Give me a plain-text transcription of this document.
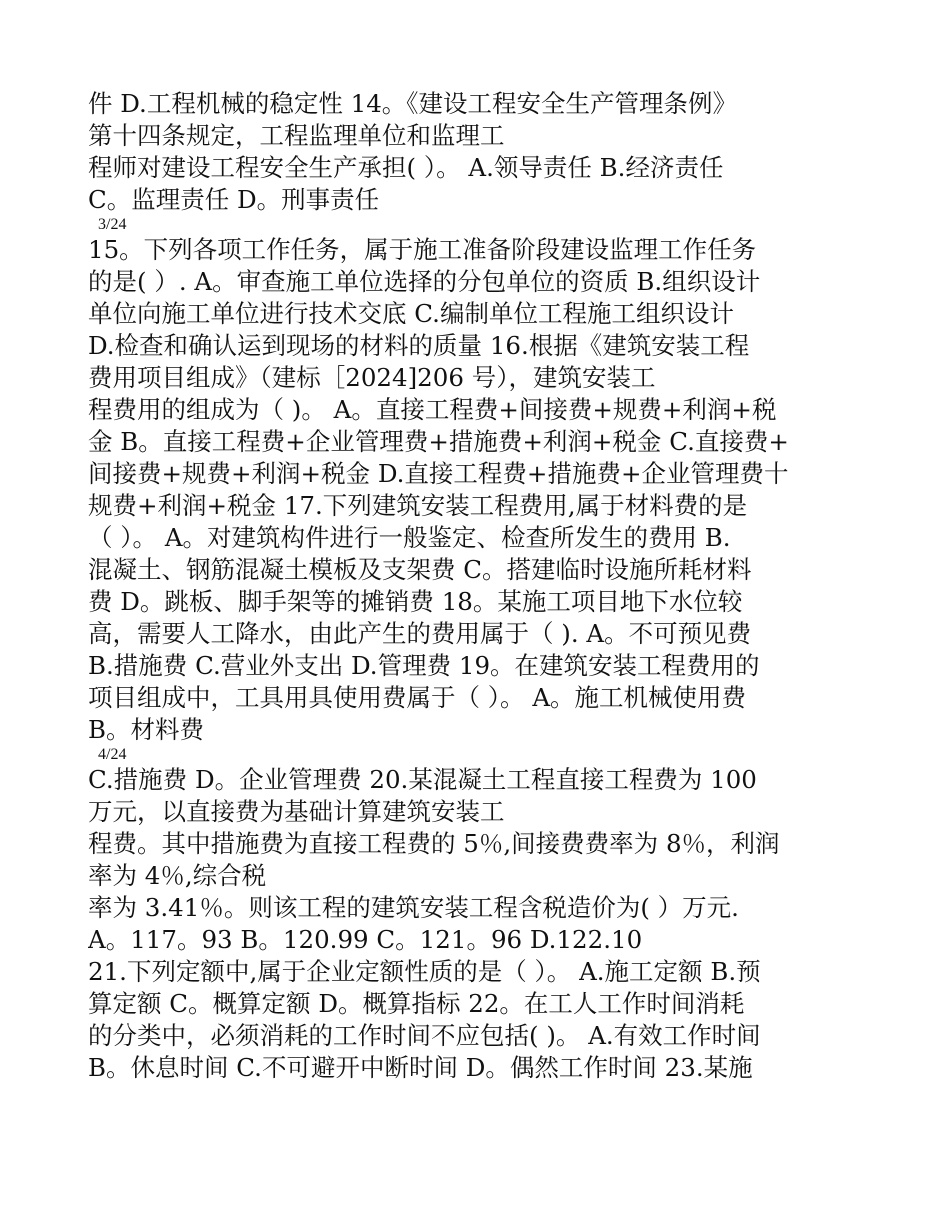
件 D.工程机械的稳定性 14。《建设工程安全生产管理条例》
第十四条规定，工程监理单位和监理工
程师对建设工程安全生产承担( ）。 A.领导责任 B.经济责任
C。监理责任 D。刑事责任
3/24
15。下列各项工作任务，属于施工准备阶段建设监理工作任务
的是( ）. A。审查施工单位选择的分包单位的资质 B.组织设计
单位向施工单位进行技术交底 C.编制单位工程施工组织设计
D.检查和确认运到现场的材料的质量 16.根据《建筑安装工程
费用项目组成》（建标［2024]206 号），建筑安装工
程费用的组成为（ )。 A。直接工程费+间接费+规费+利润+税
金 B。直接工程费+企业管理费+措施费+利润+税金 C.直接费+
间接费+规费+利润+税金 D.直接工程费+措施费+企业管理费十
规费+利润+税金 17.下列建筑安装工程费用,属于材料费的是
（ ）。 A。对建筑构件进行一般鉴定、检查所发生的费用 B.
混凝土、钢筋混凝土模板及支架费 C。搭建临时设施所耗材料
费 D。跳板、脚手架等的摊销费 18。某施工项目地下水位较
高，需要人工降水，由此产生的费用属于（ ). A。不可预见费
B.措施费 C.营业外支出 D.管理费 19。在建筑安装工程费用的
项目组成中，工具用具使用费属于（ ）。 A。施工机械使用费
B。材料费
4/24
C.措施费 D。企业管理费 20.某混凝土工程直接工程费为 100
万元，以直接费为基础计算建筑安装工
程费。其中措施费为直接工程费的 5％,间接费费率为 8％，利润
率为 4％,综合税
率为 3.41％。则该工程的建筑安装工程含税造价为( ）万元.
A。117。93 B。120.99 C。121。96 D.122.10
21.下列定额中,属于企业定额性质的是（ ）。 A.施工定额 B.预
算定额 C。概算定额 D。概算指标 22。在工人工作时间消耗
的分类中，必须消耗的工作时间不应包括( )。 A.有效工作时间
B。休息时间 C.不可避开中断时间 D。偶然工作时间 23.某施
